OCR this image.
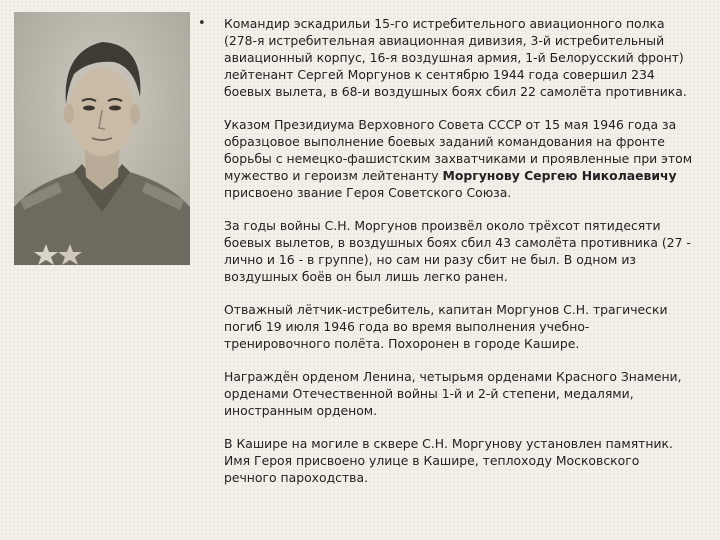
• Командир эскадрильи 15-го истребительного авиационного полка (278-я истребительная авиационная дивизия, 3-й истребительный авиационный корпус, 16-я воздушная армия, 1-й Белорусский фронт) лейтенант Сергей Моргунов к сентябрю 1944 года совершил 234 боевых вылета, в 68-и воздушных боях сбил 22 самолёта противника.

Указом Президиума Верховного Совета СССР от 15 мая 1946 года за образцовое выполнение боевых заданий командования на фронте борьбы с немецко-фашистским захватчиками и проявленные при этом мужество и героизм лейтенанту Моргунову Сергею Николаевичу присвоено звание Героя Советского Союза.

За годы войны С.Н. Моргунов произвёл около трёхсот пятидесяти боевых вылетов, в воздушных боях сбил 43 самолёта противника (27 - лично и 16 - в группе), но сам ни разу сбит не был. В одном из воздушных боёв он был лишь легко ранен.

Отважный лётчик-истребитель, капитан Моргунов С.Н. трагически погиб 19 июля 1946 года во время выполнения учебно-тренировочного полёта. Похоронен в городе Кашире.

Награждён орденом Ленина, четырьмя орденами Красного Знамени, орденами Отечественной войны 1-й и 2-й степени, медалями, иностранным орденом.

В Кашире на могиле в сквере С.Н. Моргунову установлен памятник. Имя Героя присвоено улице в Кашире, теплоходу Московского речного пароходства.
